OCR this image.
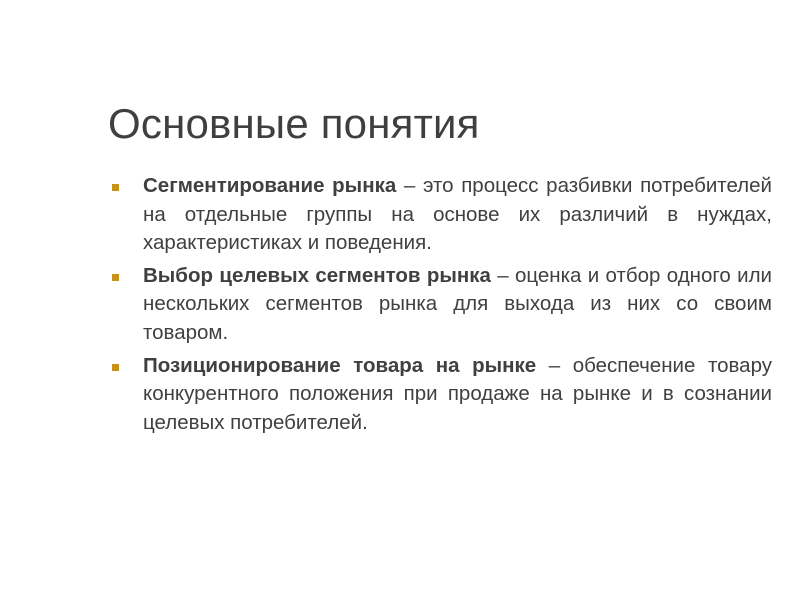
Основные понятия
Сегментирование рынка – это процесс разбивки потребителей на отдельные группы на основе их различий в нуждах, характеристиках и поведения.
Выбор целевых сегментов рынка – оценка и отбор одного или нескольких сегментов рынка для выхода из них со своим товаром.
Позиционирование товара на рынке – обеспечение товару конкурентного положения при продаже на рынке и в сознании целевых потребителей.
